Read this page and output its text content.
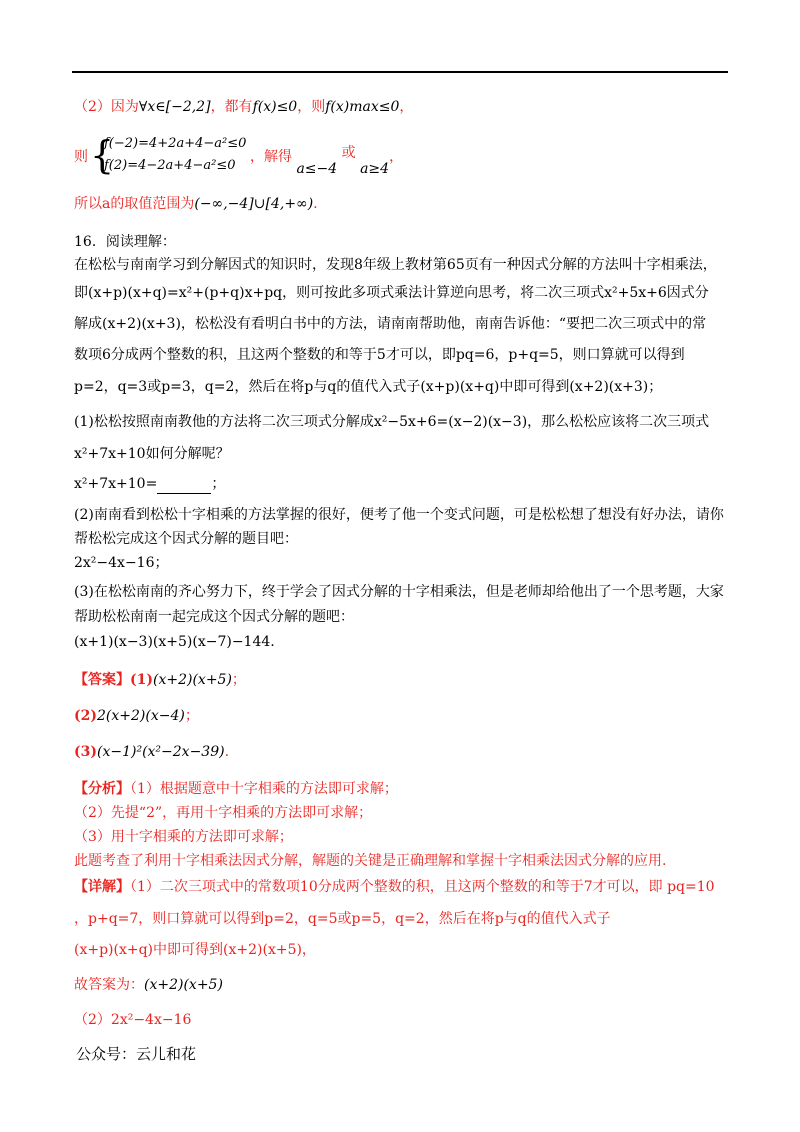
（2）因为∀x∈[−2,2]，都有f(x)≤0，则f(x)max≤0，
则 {
f(−2)=4+2a+4−a²≤0
f(2)=4−2a+4−a²≤0
，解得 a≤−4 或 a≥4，
所以a的取值范围为(−∞,−4]∪[4,+∞).
16．阅读理解：
在松松与南南学习到分解因式的知识时，发现8年级上教材第65页有一种因式分解的方法叫十字相乘法，
即(x+p)(x+q)=x²+(p+q)x+pq，则可按此多项式乘法计算逆向思考，将二次三项式x²+5x+6因式分
解成(x+2)(x+3)，松松没有看明白书中的方法，请南南帮助他，南南告诉他：“要把二次三项式中的常
数项6分成两个整数的积，且这两个整数的和等于5才可以，即pq=6，p+q=5，则口算就可以得到
p=2，q=3或p=3，q=2，然后在将p与q的值代入式子(x+p)(x+q)中即可得到(x+2)(x+3)；
(1)松松按照南南教他的方法将二次三项式分解成x²−5x+6=(x−2)(x−3)，那么松松应该将二次三项式
x²+7x+10如何分解呢？
x²+7x+10=	；
(2)南南看到松松十字相乘的方法掌握的很好，便考了他一个变式问题，可是松松想了想没有好办法，请你
帮松松完成这个因式分解的题目吧：
2x²−4x−16；
(3)在松松南南的齐心努力下，终于学会了因式分解的十字相乘法，但是老师却给他出了一个思考题，大家
帮助松松南南一起完成这个因式分解的题吧：
(x+1)(x−3)(x+5)(x−7)−144.
【答案】(1)(x+2)(x+5)；
(2)2(x+2)(x−4)；
(3)(x−1)²(x²−2x−39).
【分析】（1）根据题意中十字相乘的方法即可求解；
（2）先提“2”，再用十字相乘的方法即可求解；
（3）用十字相乘的方法即可求解；
此题考查了利用十字相乘法因式分解，解题的关键是正确理解和掌握十字相乘法因式分解的应用.
【详解】（1）二次三项式中的常数项10分成两个整数的积，且这两个整数的和等于7才可以，即 pq=10
，p+q=7，则口算就可以得到p=2，q=5或p=5，q=2，然后在将p与q的值代入式子
(x+p)(x+q)中即可得到(x+2)(x+5)，
故答案为：(x+2)(x+5)
（2）2x²−4x−16
公众号：云儿和花
